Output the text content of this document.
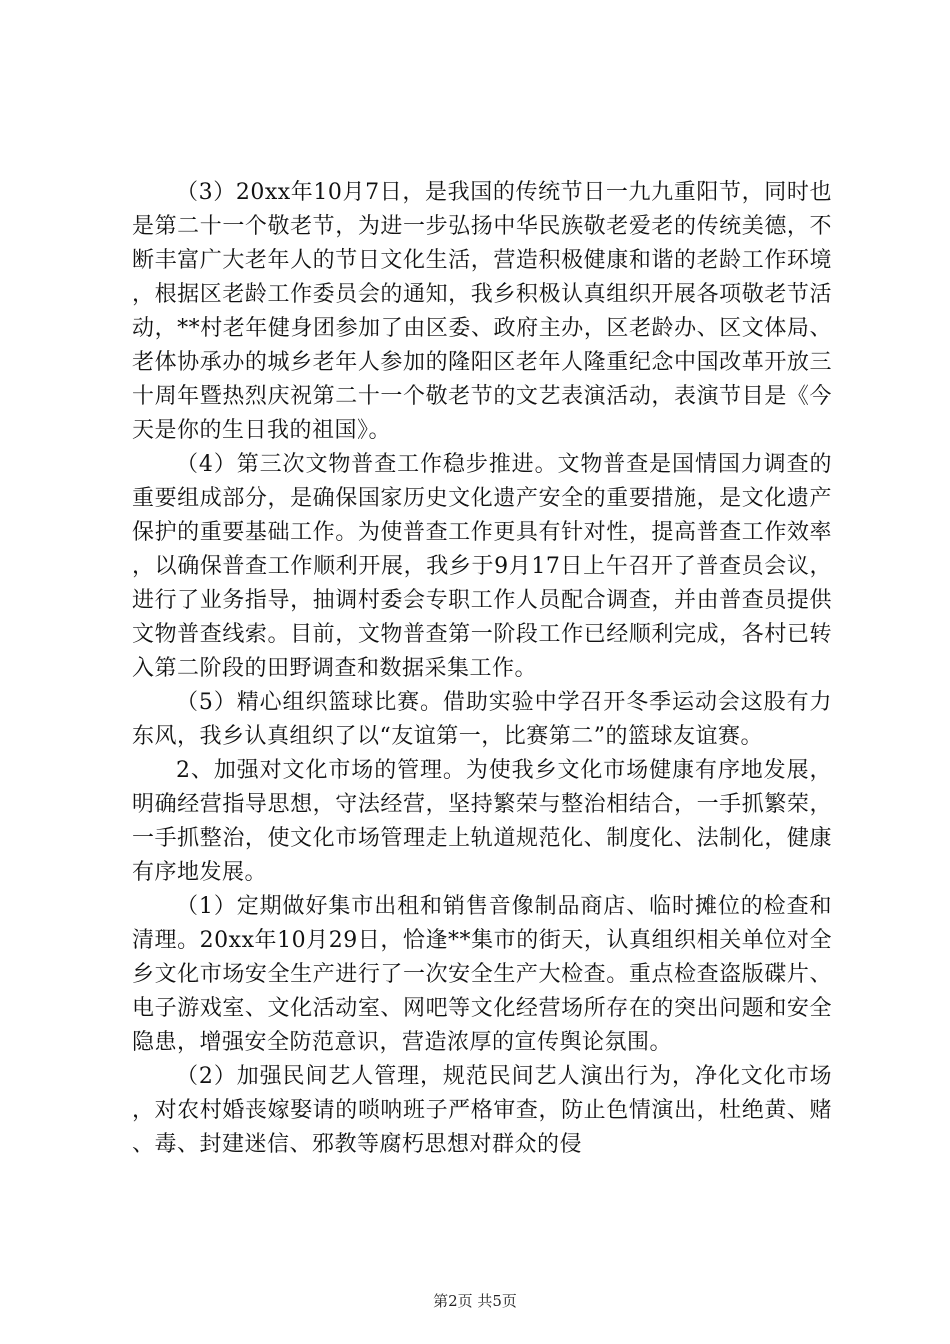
（3）20xx年10月7日，是我国的传统节日一九九重阳节，同时也是第二十一个敬老节，为进一步弘扬中华民族敬老爱老的传统美德，不断丰富广大老年人的节日文化生活，营造积极健康和谐的老龄工作环境，根据区老龄工作委员会的通知，我乡积极认真组织开展各项敬老节活动，**村老年健身团参加了由区委、政府主办，区老龄办、区文体局、老体协承办的城乡老年人参加的隆阳区老年人隆重纪念中国改革开放三十周年暨热烈庆祝第二十一个敬老节的文艺表演活动，表演节目是《今天是你的生日我的祖国》。

（4）第三次文物普查工作稳步推进。文物普查是国情国力调查的重要组成部分，是确保国家历史文化遗产安全的重要措施，是文化遗产保护的重要基础工作。为使普查工作更具有针对性，提高普查工作效率，以确保普查工作顺利开展，我乡于9月17日上午召开了普查员会议，进行了业务指导，抽调村委会专职工作人员配合调查，并由普查员提供文物普查线索。目前，文物普查第一阶段工作已经顺利完成，各村已转入第二阶段的田野调查和数据采集工作。

（5）精心组织篮球比赛。借助实验中学召开冬季运动会这股有力东风，我乡认真组织了以“友谊第一，比赛第二”的篮球友谊赛。

2、加强对文化市场的管理。为使我乡文化市场健康有序地发展，明确经营指导思想，守法经营，坚持繁荣与整治相结合，一手抓繁荣，一手抓整治，使文化市场管理走上轨道规范化、制度化、法制化，健康有序地发展。

（1）定期做好集市出租和销售音像制品商店、临时摊位的检查和清理。20xx年10月29日，恰逢**集市的街天，认真组织相关单位对全乡文化市场安全生产进行了一次安全生产大检查。重点检查盗版碟片、电子游戏室、文化活动室、网吧等文化经营场所存在的突出问题和安全隐患，增强安全防范意识，营造浓厚的宣传舆论氛围。

（2）加强民间艺人管理，规范民间艺人演出行为，净化文化市场，对农村婚丧嫁娶请的唢呐班子严格审查，防止色情演出，杜绝黄、赌、毒、封建迷信、邪教等腐朽思想对群众的侵

第2页 共5页
